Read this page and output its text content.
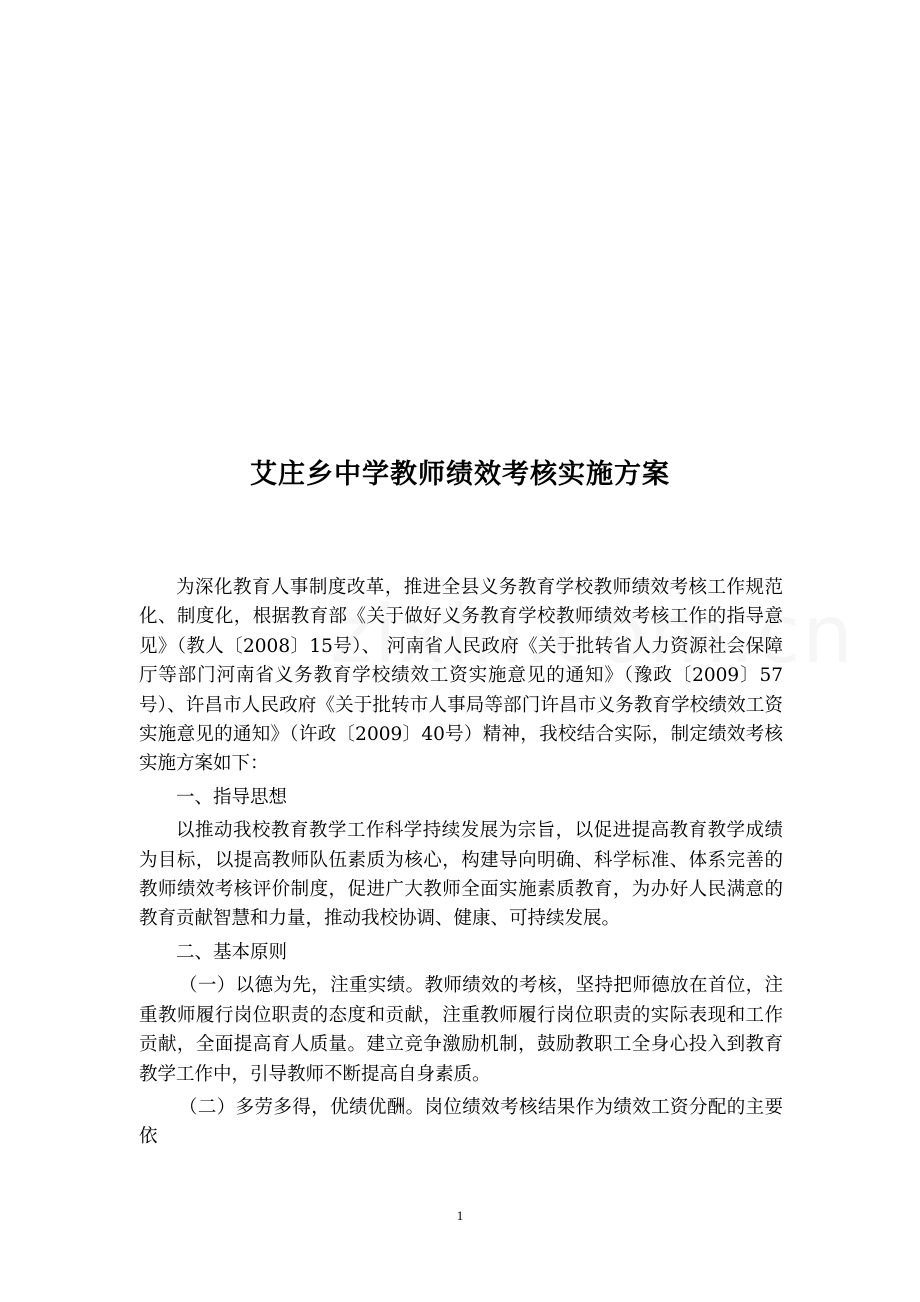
艾庄乡中学教师绩效考核实施方案

为深化教育人事制度改革，推进全县义务教育学校教师绩效考核工作规范化、制度化，根据教育部《关于做好义务教育学校教师绩效考核工作的指导意见》（教人〔2008〕15号）、 河南省人民政府《关于批转省人力资源社会保障厅等部门河南省义务教育学校绩效工资实施意见的通知》（豫政〔2009〕57号）、许昌市人民政府《关于批转市人事局等部门许昌市义务教育学校绩效工资实施意见的通知》（许政〔2009〕40号）精神，我校结合实际，制定绩效考核实施方案如下：

一、指导思想

以推动我校教育教学工作科学持续发展为宗旨，以促进提高教育教学成绩为目标，以提高教师队伍素质为核心，构建导向明确、科学标准、体系完善的教师绩效考核评价制度，促进广大教师全面实施素质教育，为办好人民满意的教育贡献智慧和力量，推动我校协调、健康、可持续发展。

二、基本原则

（一）以德为先，注重实绩。教师绩效的考核，坚持把师德放在首位，注重教师履行岗位职责的态度和贡献，注重教师履行岗位职责的实际表现和工作贡献，全面提高育人质量。建立竞争激励机制，鼓励教职工全身心投入到教育教学工作中，引导教师不断提高自身素质。

（二）多劳多得，优绩优酬。岗位绩效考核结果作为绩效工资分配的主要依

1
